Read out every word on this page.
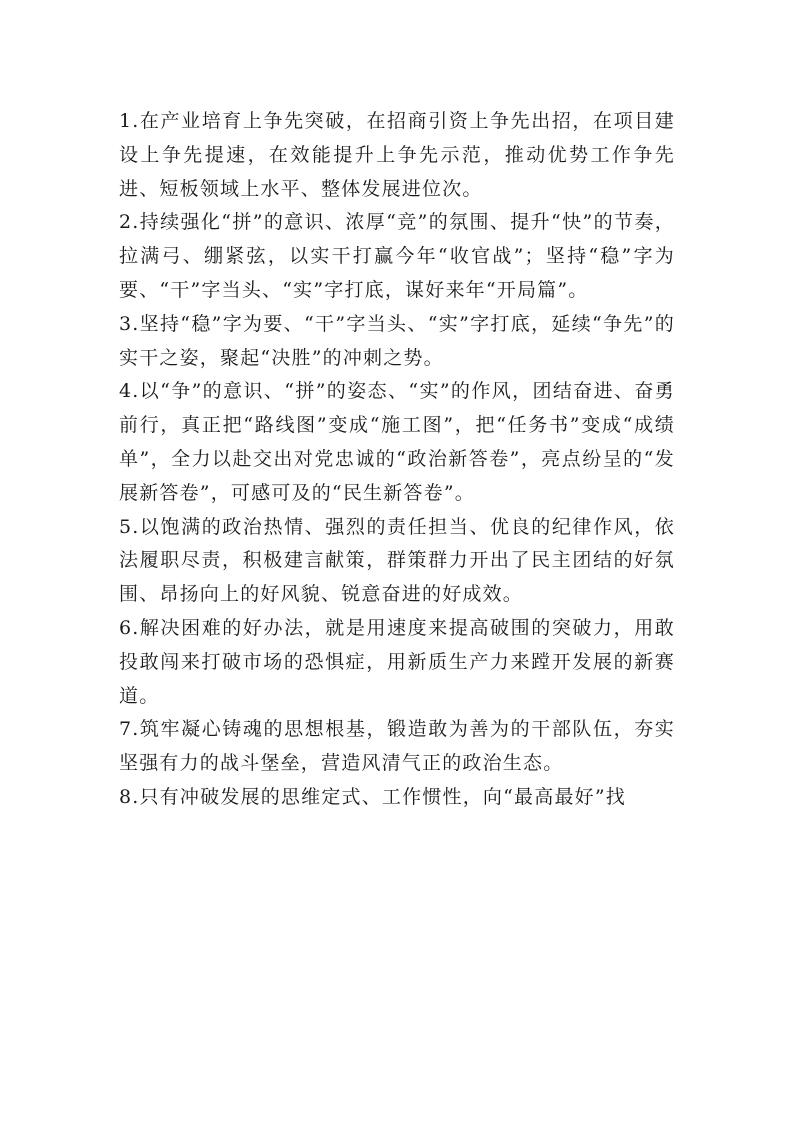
1.在产业培育上争先突破，在招商引资上争先出招，在项目建设上争先提速，在效能提升上争先示范，推动优势工作争先进、短板领域上水平、整体发展进位次。

2.持续强化“拼”的意识、浓厚“竞”的氛围、提升“快”的节奏，拉满弓、绷紧弦，以实干打赢今年“收官战”；坚持“稳”字为要、“干”字当头、“实”字打底，谋好来年“开局篇”。

3.坚持“稳”字为要、“干”字当头、“实”字打底，延续“争先”的实干之姿，聚起“决胜”的冲刺之势。

4.以“争”的意识、“拼”的姿态、“实”的作风，团结奋进、奋勇前行，真正把“路线图”变成“施工图”，把“任务书”变成“成绩单”，全力以赴交出对党忠诚的“政治新答卷”，亮点纷呈的“发展新答卷”，可感可及的“民生新答卷”。

5.以饱满的政治热情、强烈的责任担当、优良的纪律作风，依法履职尽责，积极建言献策，群策群力开出了民主团结的好氛围、昂扬向上的好风貌、锐意奋进的好成效。

6.解决困难的好办法，就是用速度来提高破围的突破力，用敢投敢闯来打破市场的恐惧症，用新质生产力来蹚开发展的新赛道。

7.筑牢凝心铸魂的思想根基，锻造敢为善为的干部队伍，夯实坚强有力的战斗堡垒，营造风清气正的政治生态。

8.只有冲破发展的思维定式、工作惯性，向“最高最好”找
